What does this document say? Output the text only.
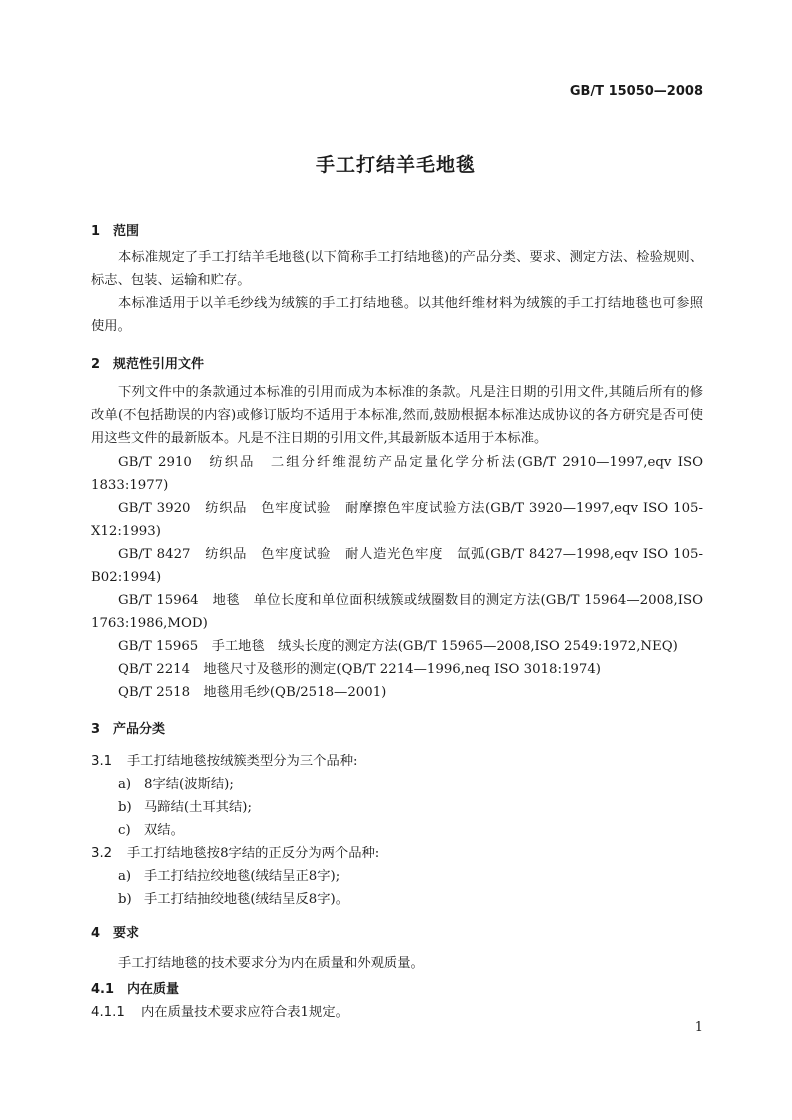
GB/T 15050—2008
手工打结羊毛地毯
1 范围
本标准规定了手工打结羊毛地毯(以下简称手工打结地毯)的产品分类、要求、测定方法、检验规则、标志、包装、运输和贮存。
本标准适用于以羊毛纱线为绒簇的手工打结地毯。以其他纤维材料为绒簇的手工打结地毯也可参照使用。
2 规范性引用文件
下列文件中的条款通过本标准的引用而成为本标准的条款。凡是注日期的引用文件,其随后所有的修改单(不包括勘误的内容)或修订版均不适用于本标准,然而,鼓励根据本标准达成协议的各方研究是否可使用这些文件的最新版本。凡是不注日期的引用文件,其最新版本适用于本标准。
GB/T 2910　纺织品　二组分纤维混纺产品定量化学分析法(GB/T 2910—1997,eqv ISO 1833:1977)
GB/T 3920　纺织品　色牢度试验　耐摩擦色牢度试验方法(GB/T 3920—1997,eqv ISO 105-X12:1993)
GB/T 8427　纺织品　色牢度试验　耐人造光色牢度　氙弧(GB/T 8427—1998,eqv ISO 105-B02:1994)
GB/T 15964　地毯　单位长度和单位面积绒簇或绒圈数目的测定方法(GB/T 15964—2008,ISO 1763:1986,MOD)
GB/T 15965　手工地毯　绒头长度的测定方法(GB/T 15965—2008,ISO 2549:1972,NEQ)
QB/T 2214　地毯尺寸及毯形的测定(QB/T 2214—1996,neq ISO 3018:1974)
QB/T 2518　地毯用毛纱(QB/2518—2001)
3 产品分类
3.1 手工打结地毯按绒簇类型分为三个品种:
a) 8字结(波斯结);
b) 马蹄结(土耳其结);
c) 双结。
3.2 手工打结地毯按8字结的正反分为两个品种:
a) 手工打结拉绞地毯(绒结呈正8字);
b) 手工打结抽绞地毯(绒结呈反8字)。
4 要求
手工打结地毯的技术要求分为内在质量和外观质量。
4.1 内在质量
4.1.1 内在质量技术要求应符合表1规定。
1
